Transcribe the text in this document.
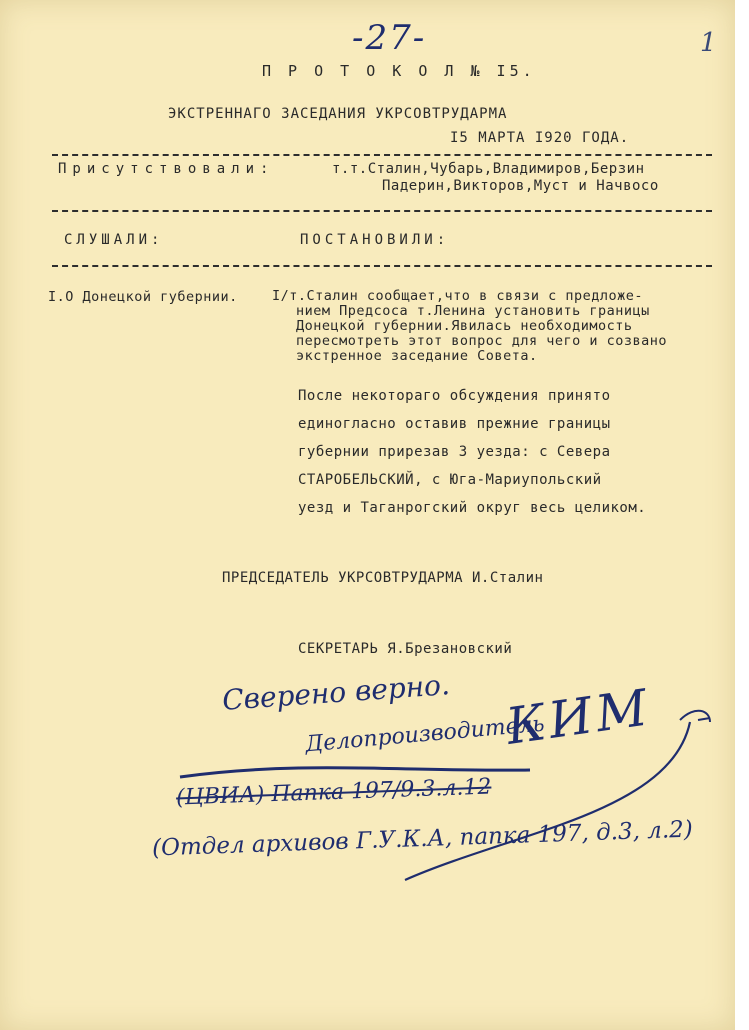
-27-	1
П Р О Т О К О Л № I5.
ЭКСТРЕННАГО ЗАСЕДАНИЯ УКРСОВТРУДАРМА
I5 МАРТА I920 ГОДА.
Присутствовали:	т.т.Сталин,Чубарь,Владимиров,Берзин
Падерин,Викторов,Муст и Начвосо
СЛУШАЛИ:	ПОСТАНОВИЛИ:
I.О Донецкой губернии.	I/т.Сталин сообщает,что в связи с предложе-
нием Предсоса т.Ленина установить границы
Донецкой губернии.Явилась необходимость
пересмотреть этот вопрос для чего и созвано
экстренное заседание Совета.
После некотораго обсуждения принято
единогласно оставив прежние границы
губернии прирезав 3 уезда: с Севера
СТАРОБЕЛЬСКИЙ, с Юга-Мариупольский
уезд и Таганрогский округ весь целиком.
ПРЕДСЕДАТЕЛЬ УКРСОВТРУДАРМА И.Сталин
СЕКРЕТАРЬ Я.Брезановский
Сверено верно.
Делопроизводитель
КИМ
(ЦВИА) Папка 197/9.3.л.12
(Отдел архивов Г.У.К.А, папка 197, д.3, л.2)
